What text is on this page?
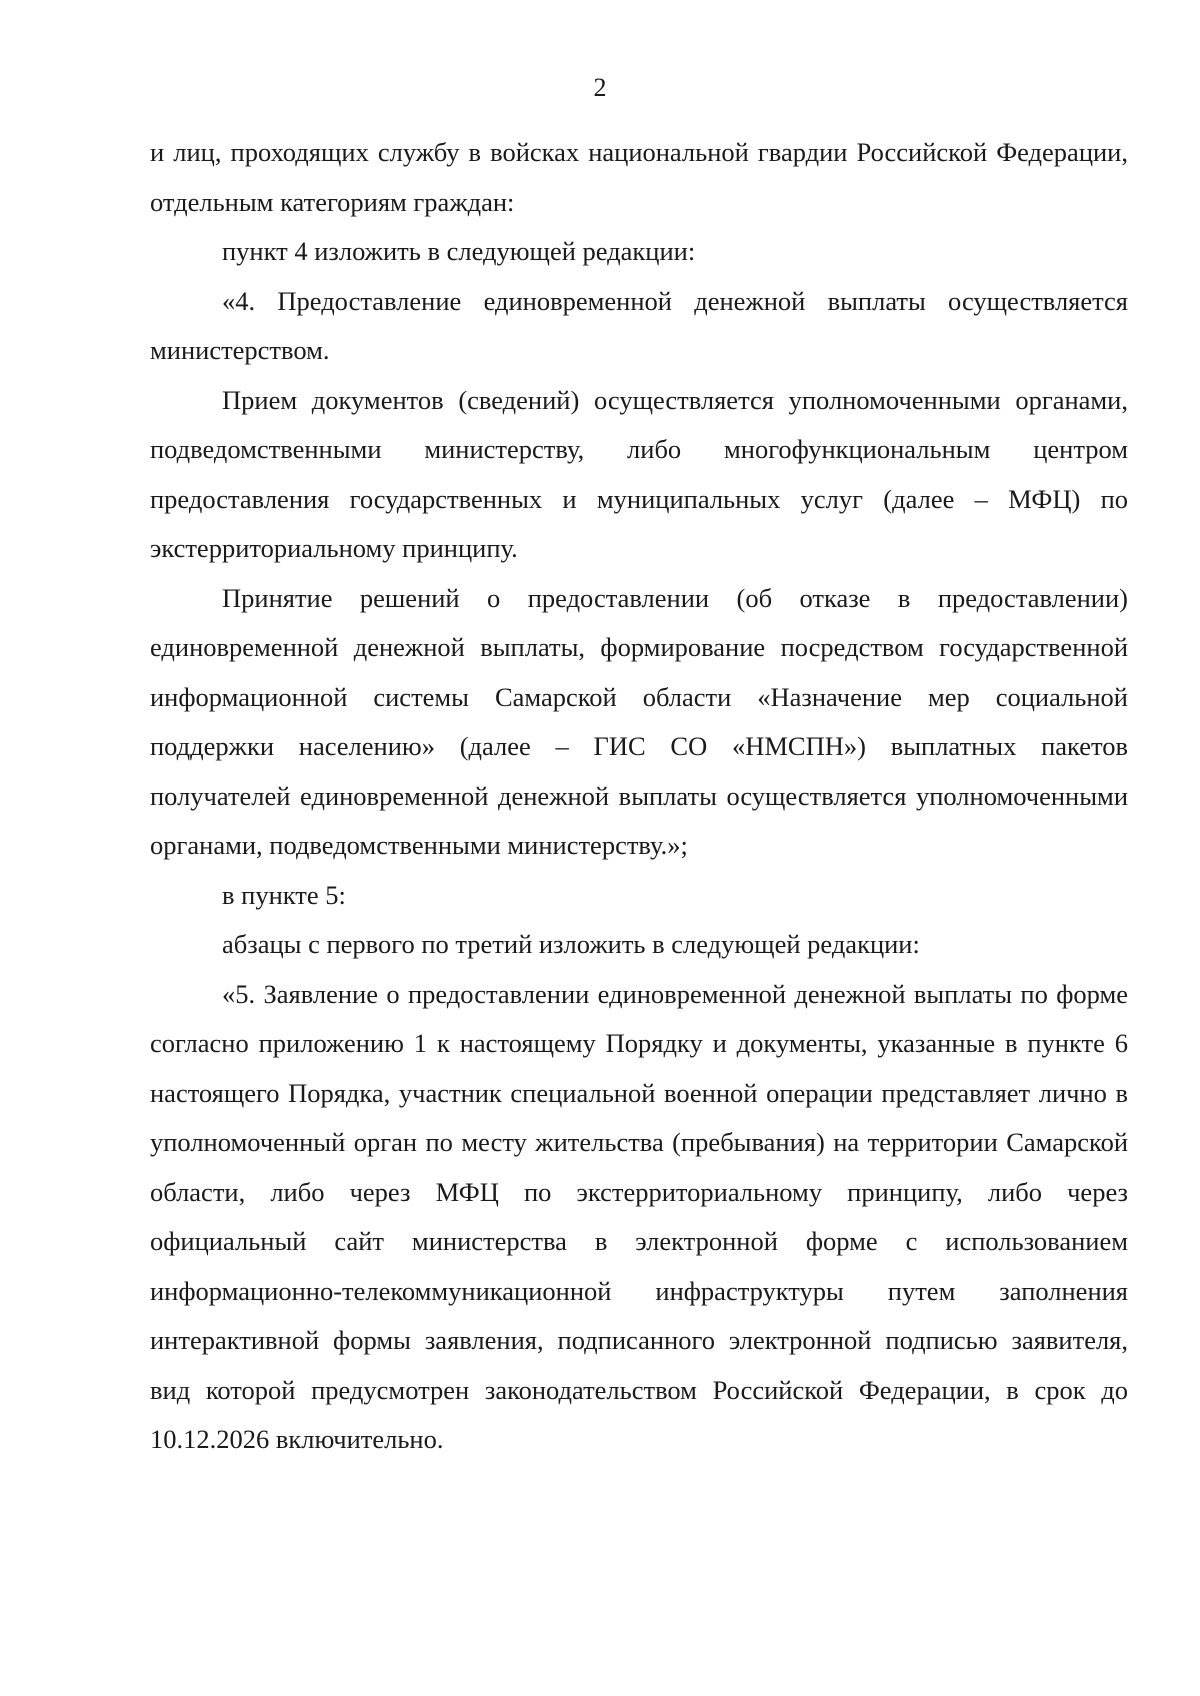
2

и лиц, проходящих службу в войсках национальной гвардии Российской Федерации, отдельным категориям граждан:

пункт 4 изложить в следующей редакции:

«4. Предоставление единовременной денежной выплаты осуществляется министерством.

Прием документов (сведений) осуществляется уполномоченными органами, подведомственными министерству, либо многофункциональным центром предоставления государственных и муниципальных услуг (далее – МФЦ) по экстерриториальному принципу.

Принятие решений о предоставлении (об отказе в предоставлении) единовременной денежной выплаты, формирование посредством государственной информационной системы Самарской области «Назначение мер социальной поддержки населению» (далее – ГИС СО «НМСПН») выплатных пакетов получателей единовременной денежной выплаты осуществляется уполномоченными органами, подведомственными министерству.»;

в пункте 5:

абзацы с первого по третий изложить в следующей редакции:

«5. Заявление о предоставлении единовременной денежной выплаты по форме согласно приложению 1 к настоящему Порядку и документы, указанные в пункте 6 настоящего Порядка, участник специальной военной операции представляет лично в уполномоченный орган по месту жительства (пребывания) на территории Самарской области, либо через МФЦ по экстерриториальному принципу, либо через официальный сайт министерства в электронной форме с использованием информационно-телекоммуникационной инфраструктуры путем заполнения интерактивной формы заявления, подписанного электронной подписью заявителя, вид которой предусмотрен законодательством Российской Федерации, в срок до 10.12.2026 включительно.
